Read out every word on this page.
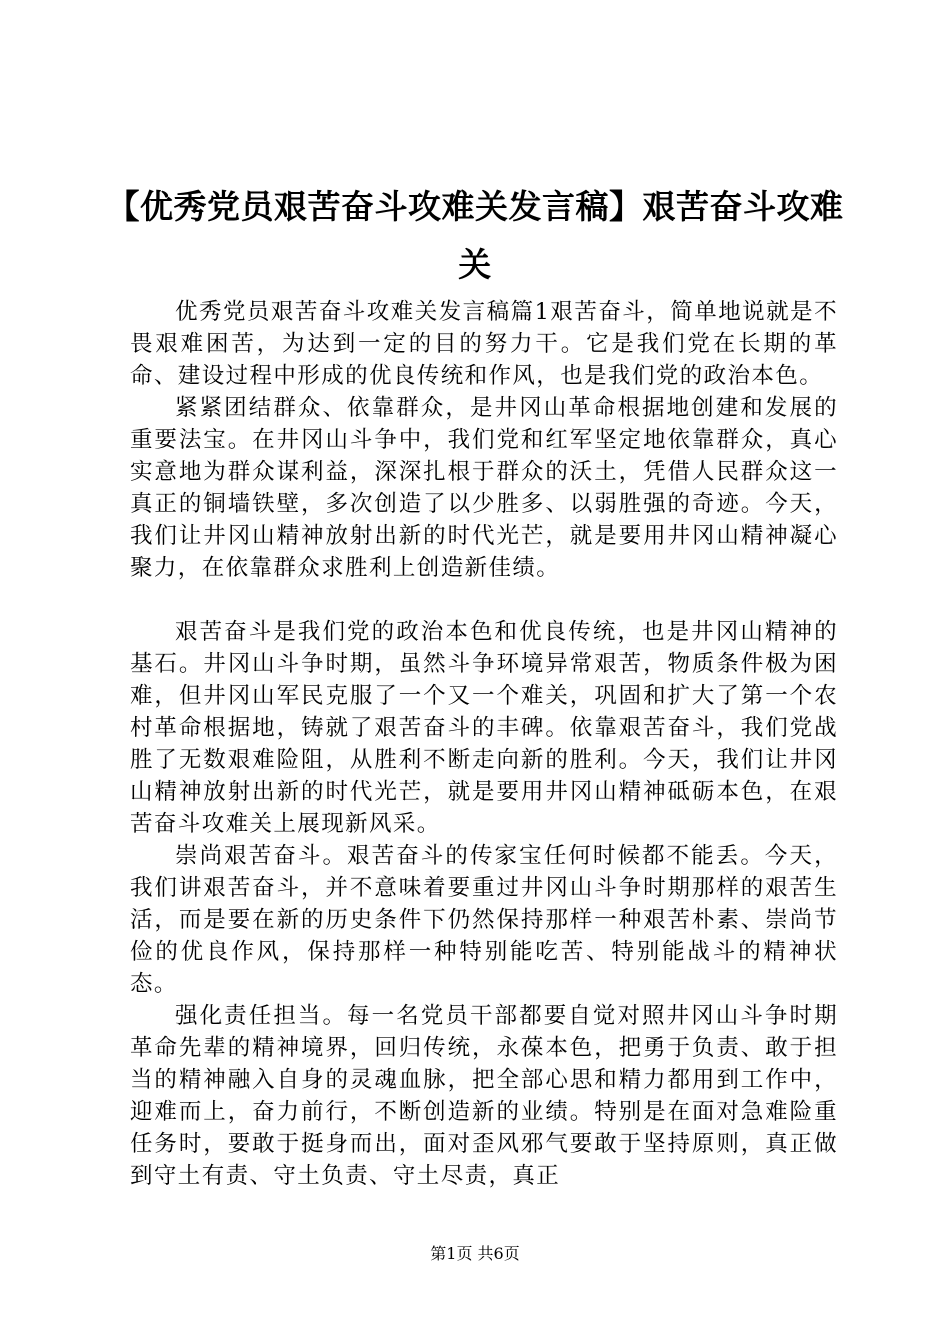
【优秀党员艰苦奋斗攻难关发言稿】艰苦奋斗攻难关

优秀党员艰苦奋斗攻难关发言稿篇1艰苦奋斗，简单地说就是不畏艰难困苦，为达到一定的目的努力干。它是我们党在长期的革命、建设过程中形成的优良传统和作风，也是我们党的政治本色。

紧紧团结群众、依靠群众，是井冈山革命根据地创建和发展的重要法宝。在井冈山斗争中，我们党和红军坚定地依靠群众，真心实意地为群众谋利益，深深扎根于群众的沃土，凭借人民群众这一真正的铜墙铁壁，多次创造了以少胜多、以弱胜强的奇迹。今天，我们让井冈山精神放射出新的时代光芒，就是要用井冈山精神凝心聚力，在依靠群众求胜利上创造新佳绩。

艰苦奋斗是我们党的政治本色和优良传统，也是井冈山精神的基石。井冈山斗争时期，虽然斗争环境异常艰苦，物质条件极为困难，但井冈山军民克服了一个又一个难关，巩固和扩大了第一个农村革命根据地，铸就了艰苦奋斗的丰碑。依靠艰苦奋斗，我们党战胜了无数艰难险阻，从胜利不断走向新的胜利。今天，我们让井冈山精神放射出新的时代光芒，就是要用井冈山精神砥砺本色，在艰苦奋斗攻难关上展现新风采。

崇尚艰苦奋斗。艰苦奋斗的传家宝任何时候都不能丢。今天，我们讲艰苦奋斗，并不意味着要重过井冈山斗争时期那样的艰苦生活，而是要在新的历史条件下仍然保持那样一种艰苦朴素、崇尚节俭的优良作风，保持那样一种特别能吃苦、特别能战斗的精神状态。

强化责任担当。每一名党员干部都要自觉对照井冈山斗争时期革命先辈的精神境界，回归传统，永葆本色，把勇于负责、敢于担当的精神融入自身的灵魂血脉，把全部心思和精力都用到工作中，迎难而上，奋力前行，不断创造新的业绩。特别是在面对急难险重任务时，要敢于挺身而出，面对歪风邪气要敢于坚持原则，真正做到守土有责、守土负责、守土尽责，真正

第1页 共6页
